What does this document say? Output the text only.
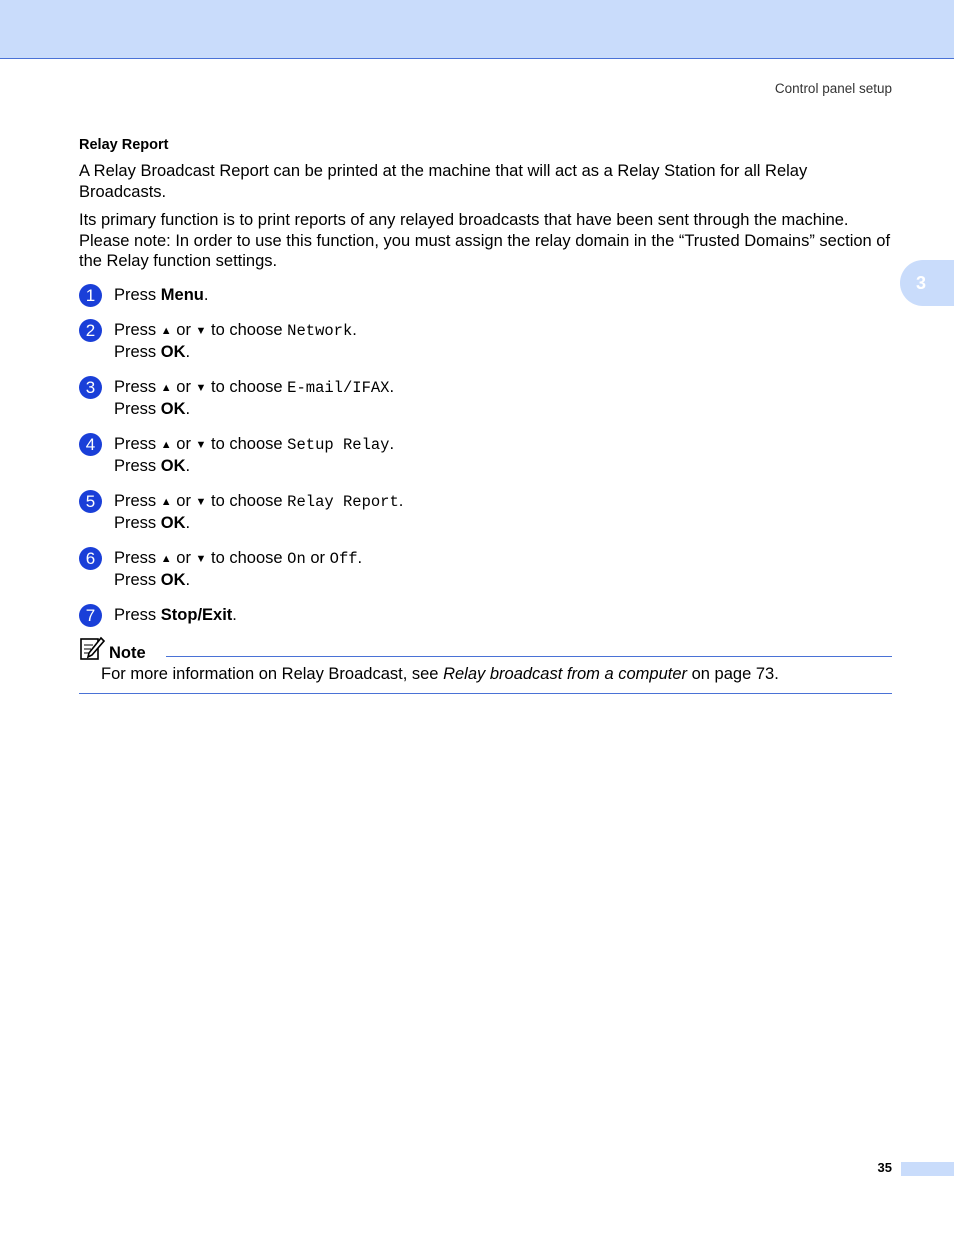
Control panel setup
3
Relay Report

A Relay Broadcast Report can be printed at the machine that will act as a Relay Station for all Relay Broadcasts.

Its primary function is to print reports of any relayed broadcasts that have been sent through the machine. Please note: In order to use this function, you must assign the relay domain in the “Trusted Domains” section of the Relay function settings.

1	Press Menu.
2	Press ▲ or ▼ to choose Network.
Press OK.
3	Press ▲ or ▼ to choose E-mail/IFAX.
Press OK.
4	Press ▲ or ▼ to choose Setup Relay.
Press OK.
5	Press ▲ or ▼ to choose Relay Report.
Press OK.
6	Press ▲ or ▼ to choose On or Off.
Press OK.
7	Press Stop/Exit.
Note
For more information on Relay Broadcast, see Relay broadcast from a computer on page 73.
35
